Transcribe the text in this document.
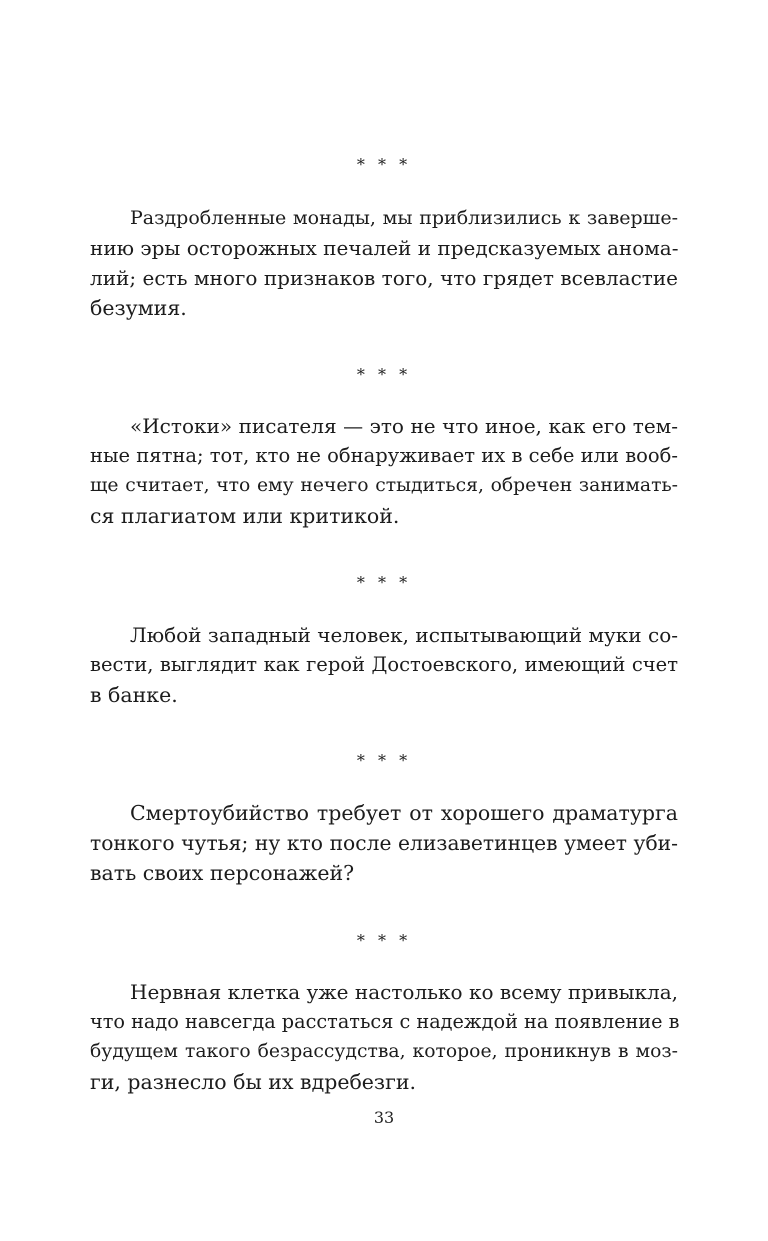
* * *

Раздробленные монады, мы приблизились к заверше-
нию эры осторожных печалей и предсказуемых анома-
лий; есть много признаков того, что грядет всевластие
безумия.

* * *

«Истоки» писателя — это не что иное, как его тем-
ные пятна; тот, кто не обнаруживает их в себе или вооб-
ще считает, что ему нечего стыдиться, обречен занимать-
ся плагиатом или критикой.

* * *

Любой западный человек, испытывающий муки со-
вести, выглядит как герой Достоевского, имеющий счет
в банке.

* * *

Смертоубийство требует от хорошего драматурга
тонкого чутья; ну кто после елизаветинцев умеет уби-
вать своих персонажей?

* * *

Нервная клетка уже настолько ко всему привыкла,
что надо навсегда расстаться с надеждой на появление в
будущем такого безрассудства, которое, проникнув в моз-
ги, разнесло бы их вдребезги.

33
